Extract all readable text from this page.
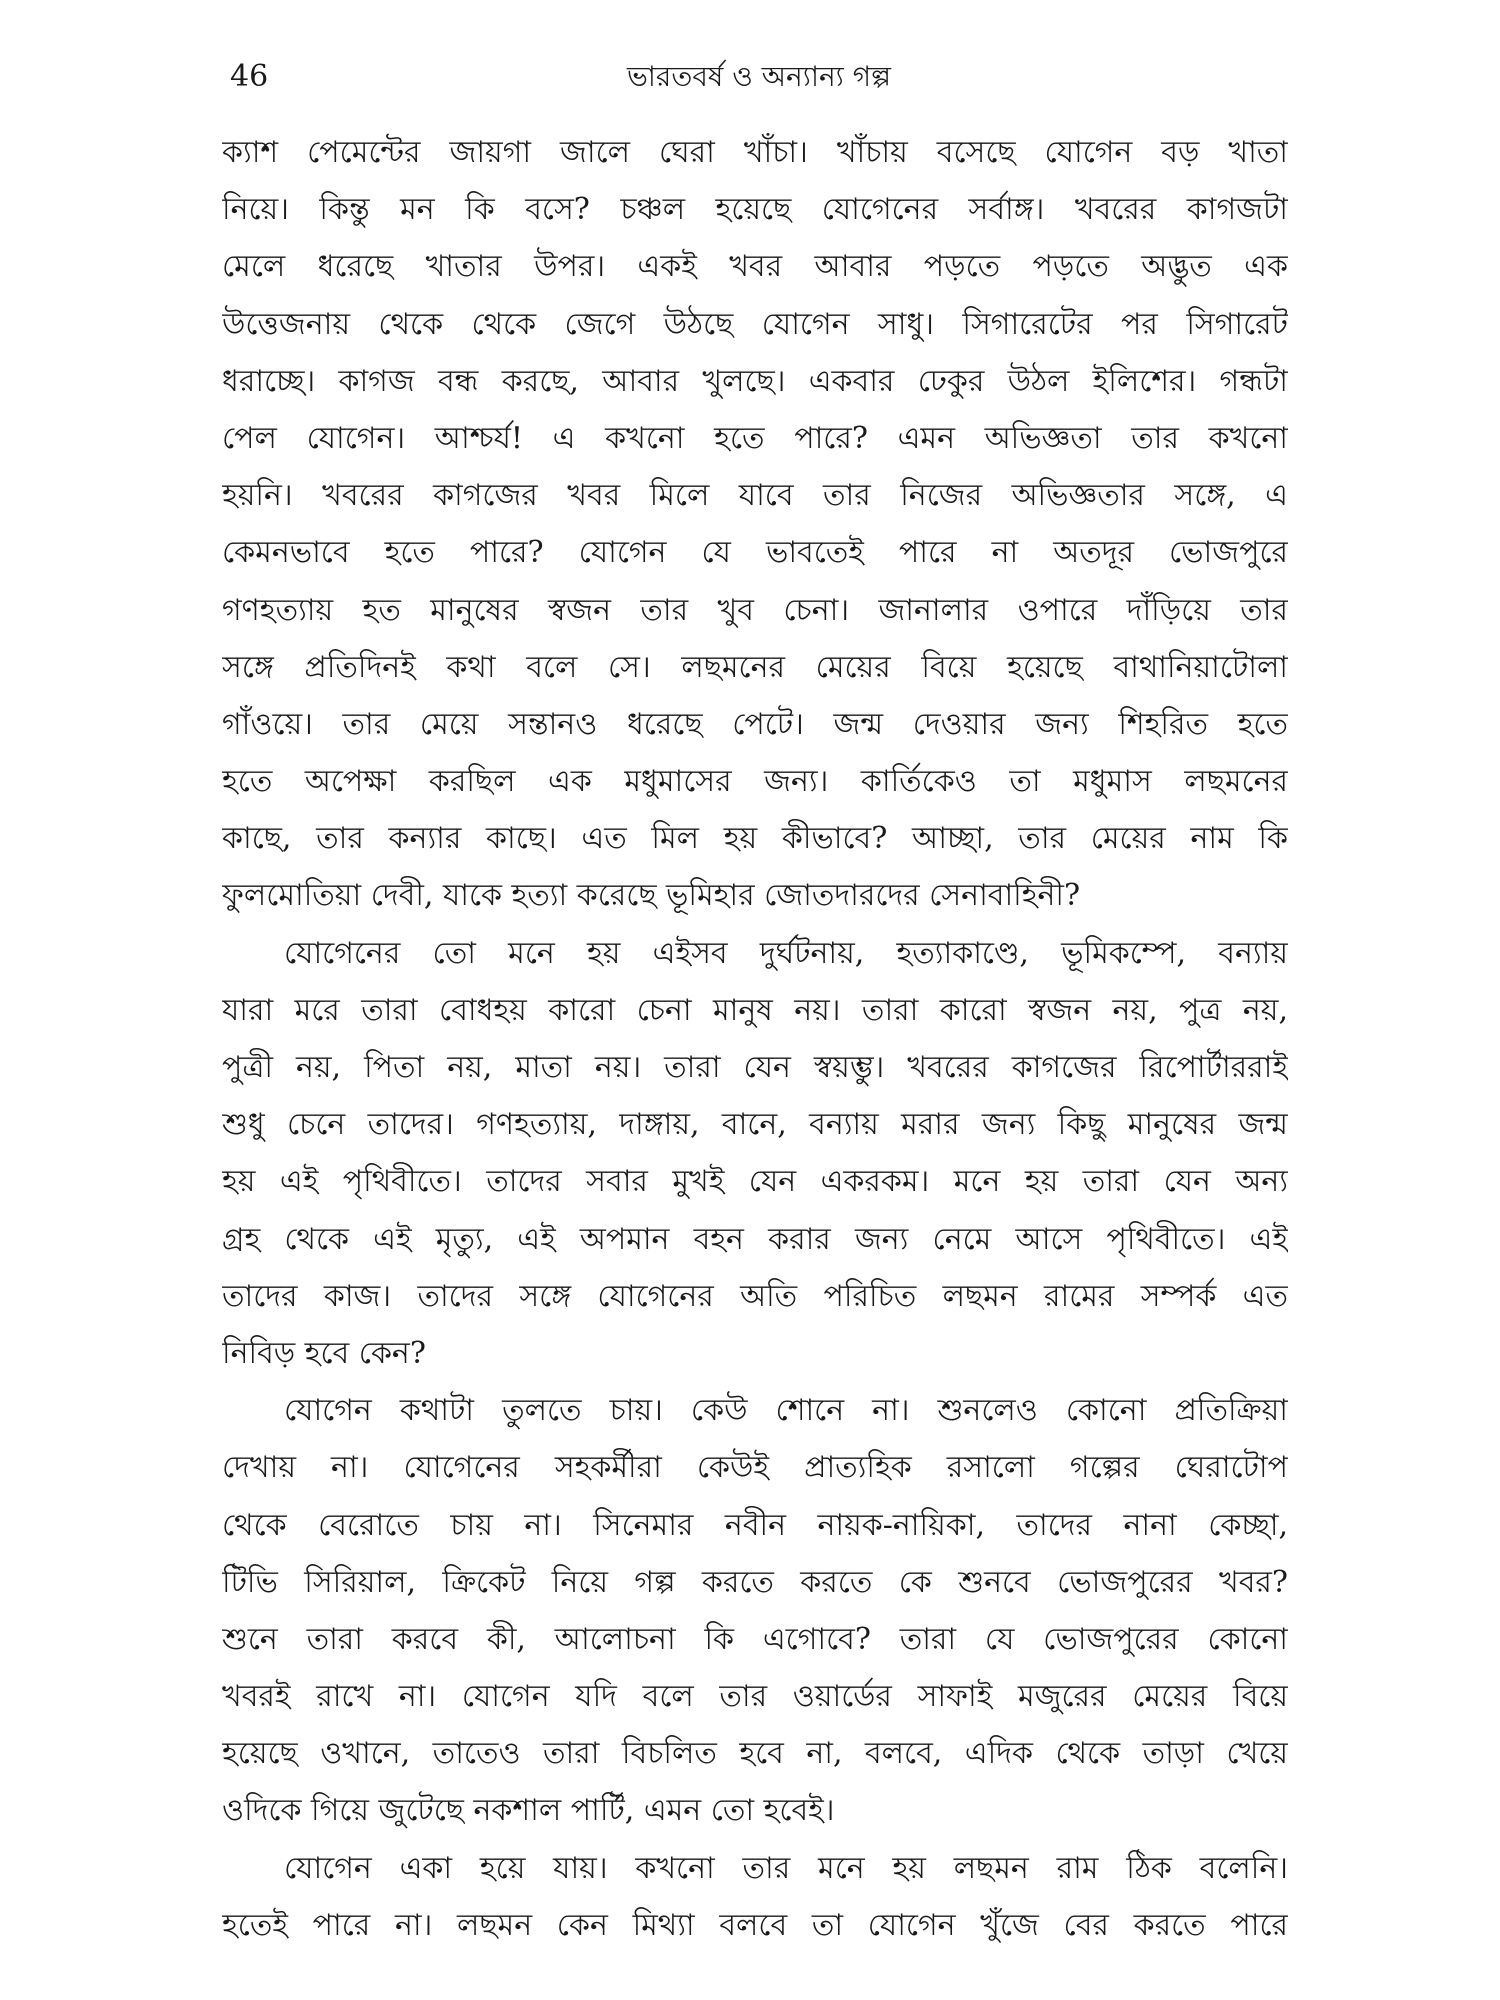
46	ভারতবর্ষ ও অন্যান্য গল্প
ক্যাশ পেমেন্টের জায়গা জালে ঘেরা খাঁচা। খাঁচায় বসেছে যোগেন বড় খাতা
নিয়ে। কিন্তু মন কি বসে? চঞ্চল হয়েছে যোগেনের সর্বাঙ্গ। খবরের কাগজটা
মেলে ধরেছে খাতার উপর। একই খবর আবার পড়তে পড়তে অদ্ভুত এক
উত্তেজনায় থেকে থেকে জেগে উঠছে যোগেন সাধু। সিগারেটের পর সিগারেট
ধরাচ্ছে। কাগজ বন্ধ করছে, আবার খুলছে। একবার ঢেকুর উঠল ইলিশের। গন্ধটা
পেল যোগেন। আশ্চর্য! এ কখনো হতে পারে? এমন অভিজ্ঞতা তার কখনো
হয়নি। খবরের কাগজের খবর মিলে যাবে তার নিজের অভিজ্ঞতার সঙ্গে, এ
কেমনভাবে হতে পারে? যোগেন যে ভাবতেই পারে না অতদূর ভোজপুরে
গণহত্যায় হত মানুষের স্বজন তার খুব চেনা। জানালার ওপারে দাঁড়িয়ে তার
সঙ্গে প্রতিদিনই কথা বলে সে। লছমনের মেয়ের বিয়ে হয়েছে বাথানিয়াটোলা
গাঁওয়ে। তার মেয়ে সন্তানও ধরেছে পেটে। জন্ম দেওয়ার জন্য শিহরিত হতে
হতে অপেক্ষা করছিল এক মধুমাসের জন্য। কার্তিকেও তা মধুমাস লছমনের
কাছে, তার কন্যার কাছে। এত মিল হয় কীভাবে? আচ্ছা, তার মেয়ের নাম কি
ফুলমোতিয়া দেবী, যাকে হত্যা করেছে ভূমিহার জোতদারদের সেনাবাহিনী?
যোগেনের তো মনে হয় এইসব দুর্ঘটনায়, হত্যাকাণ্ডে, ভূমিকম্পে, বন্যায়
যারা মরে তারা বোধহয় কারো চেনা মানুষ নয়। তারা কারো স্বজন নয়, পুত্র নয়,
পুত্রী নয়, পিতা নয়, মাতা নয়। তারা যেন স্বয়ম্ভু। খবরের কাগজের রিপোর্টাররাই
শুধু চেনে তাদের। গণহত্যায়, দাঙ্গায়, বানে, বন্যায় মরার জন্য কিছু মানুষের জন্ম
হয় এই পৃথিবীতে। তাদের সবার মুখই যেন একরকম। মনে হয় তারা যেন অন্য
গ্রহ থেকে এই মৃত্যু, এই অপমান বহন করার জন্য নেমে আসে পৃথিবীতে। এই
তাদের কাজ। তাদের সঙ্গে যোগেনের অতি পরিচিত লছমন রামের সম্পর্ক এত
নিবিড় হবে কেন?
যোগেন কথাটা তুলতে চায়। কেউ শোনে না। শুনলেও কোনো প্রতিক্রিয়া
দেখায় না। যোগেনের সহকর্মীরা কেউই প্রাত্যহিক রসালো গল্পের ঘেরাটোপ
থেকে বেরোতে চায় না। সিনেমার নবীন নায়ক-নায়িকা, তাদের নানা কেচ্ছা,
টিভি সিরিয়াল, ক্রিকেট নিয়ে গল্প করতে করতে কে শুনবে ভোজপুরের খবর?
শুনে তারা করবে কী, আলোচনা কি এগোবে? তারা যে ভোজপুরের কোনো
খবরই রাখে না। যোগেন যদি বলে তার ওয়ার্ডের সাফাই মজুরের মেয়ের বিয়ে
হয়েছে ওখানে, তাতেও তারা বিচলিত হবে না, বলবে, এদিক থেকে তাড়া খেয়ে
ওদিকে গিয়ে জুটেছে নকশাল পার্টি, এমন তো হবেই।
যোগেন একা হয়ে যায়। কখনো তার মনে হয় লছমন রাম ঠিক বলেনি।
হতেই পারে না। লছমন কেন মিথ্যা বলবে তা যোগেন খুঁজে বের করতে পারে
